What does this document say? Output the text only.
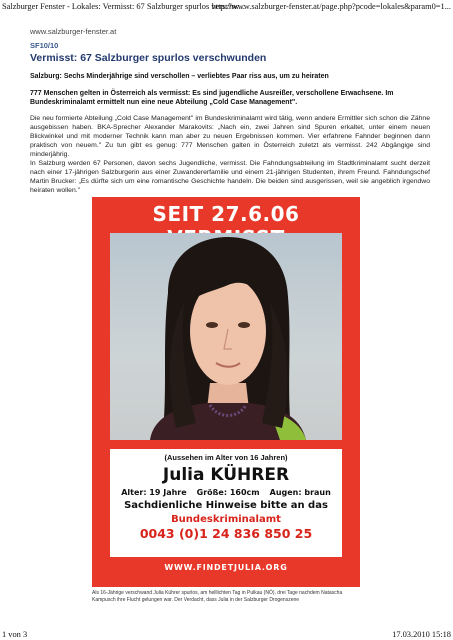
Salzburger Fenster - Lokales: Vermisst: 67 Salzburger spurlos verschw...
http://www.salzburger-fenster.at/page.php?pcode=lokales&param0=1...
www.salzburger-fenster.at
SF10/10
Vermisst: 67 Salzburger spurlos verschwunden
Salzburg: Sechs Minderjährige sind verschollen – verliebtes Paar riss aus, um zu heiraten
777 Menschen gelten in Österreich als vermisst: Es sind jugendliche Ausreißer, verschollene Erwachsene. Im Bundeskriminalamt ermittelt nun eine neue Abteilung „Cold Case Management".
Die neu formierte Abteilung „Cold Case Management" im Bundeskriminalamt wird tätig, wenn andere Ermittler sich schon die Zähne ausgebissen haben. BKA-Sprecher Alexander Marakovits: „Nach ein, zwei Jahren sind Spuren erkaltet, unter einem neuen Blickwinkel und mit moderner Technik kann man aber zu neuen Ergebnissen kommen. Vier erfahrene Fahnder beginnen dann praktisch von neuem." Zu tun gibt es genug: 777 Menschen galten in Österreich zuletzt als vermisst. 242 Abgängige sind minderjährig.
In Salzburg werden 67 Personen, davon sechs Jugendliche, vermisst. Die Fahndungsabteilung im Stadtkriminalamt sucht derzeit nach einer 17-jährigen Salzburgerin aus einer Zuwandererfamilie und einem 21-jährigen Studenten, ihrem Freund. Fahndungschef Martin Brucker: „Es dürfte sich um eine romantische Geschichte handeln. Die beiden sind ausgerissen, weil sie angeblich irgendwo heiraten wollen."
SEIT 27.6.06
(Aussehen im Alter von 16 Jahren)
Julia KÜHRER
Alter: 19 Jahre Größe: 160cm Augen: braun
Sachdienliche Hinweise bitte an das
Bundeskriminalamt
0043 (0)1 24 836 850 25
WWW.FINDETJULIA.ORG
Als 16-Jährige verschwand Julia Kührer spurlos, am helllichten Tag in Pulkau (NÖ), drei Tage nachdem Natascha Kampusch ihre Flucht gelungen war. Der Verdacht, dass Julia in der Salzburger Drogenszene
1 von 3	17.03.2010 15:18
